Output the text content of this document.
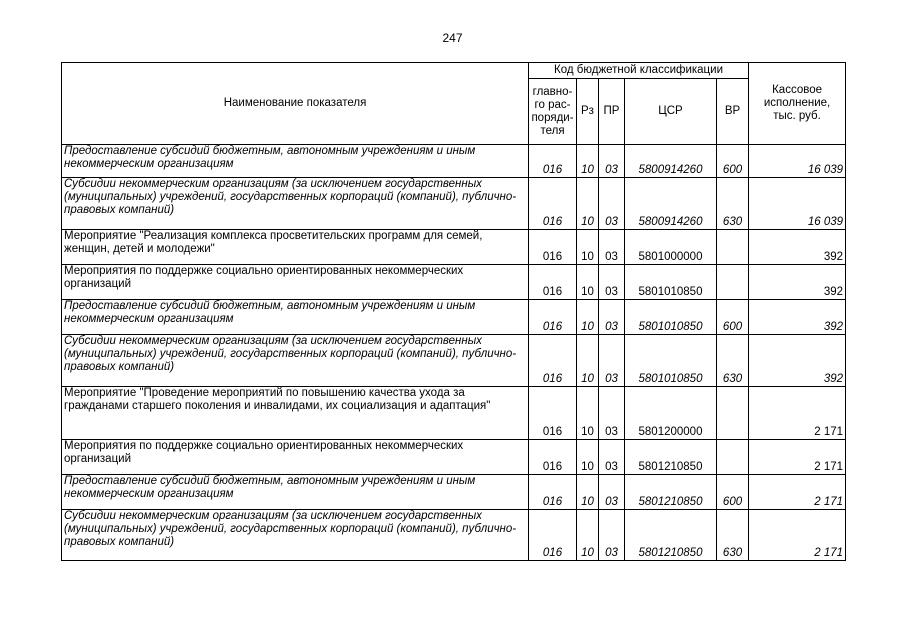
247
Наименование показателя	Код бюджетной классификации					Кассовое исполнение, тыс. руб.
	главно-го рас-поряди-теля	Рз	ПР	ЦСР	ВР	
Предоставление субсидий бюджетным, автономным учреждениям и иным некоммерческим организациям	016	10	03	5800914260	600	16 039
Субсидии некоммерческим организациям (за исключением государственных (муниципальных) учреждений, государственных корпораций (компаний), публично-правовых компаний)	016	10	03	5800914260	630	16 039
Мероприятие "Реализация комплекса просветительских программ для семей, женщин, детей и молодежи"	016	10	03	5801000000		392
Мероприятия по поддержке социально ориентированных некоммерческих организаций	016	10	03	5801010850		392
Предоставление субсидий бюджетным, автономным учреждениям и иным некоммерческим организациям	016	10	03	5801010850	600	392
Субсидии некоммерческим организациям (за исключением государственных (муниципальных) учреждений, государственных корпораций (компаний), публично-правовых компаний)	016	10	03	5801010850	630	392
Мероприятие "Проведение мероприятий по повышению качества ухода за гражданами старшего поколения и инвалидами, их социализация и адаптация"	016	10	03	5801200000		2 171
Мероприятия по поддержке социально ориентированных некоммерческих организаций	016	10	03	5801210850		2 171
Предоставление субсидий бюджетным, автономным учреждениям и иным некоммерческим организациям	016	10	03	5801210850	600	2 171
Субсидии некоммерческим организациям (за исключением государственных (муниципальных) учреждений, государственных корпораций (компаний), публично-правовых компаний)	016	10	03	5801210850	630	2 171
